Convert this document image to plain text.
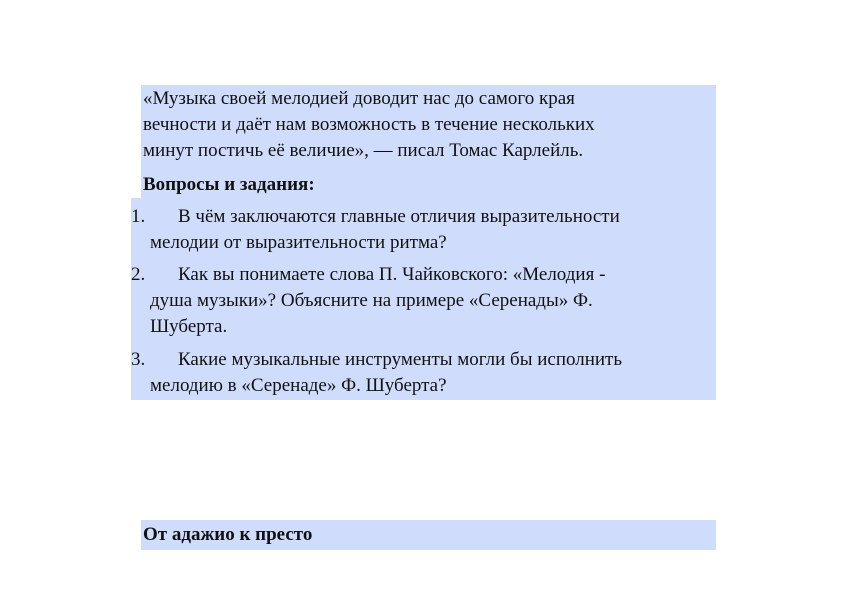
«Музыка своей мелодией доводит нас до самого края
вечности и даёт нам возможность в течение нескольких
минут постичь её величие», — писал Томас Карлейль.
Вопросы и задания:
1. В чём заключаются главные отличия выразительности
мелодии от выразительности ритма?
2. Как вы понимаете слова П. Чайковского: «Мелодия -
душа музыки»? Объясните на примере «Серенады» Ф.
Шуберта.
3. Какие музыкальные инструменты могли бы исполнить
мелодию в «Серенаде» Ф. Шуберта?
От адажио к престо
